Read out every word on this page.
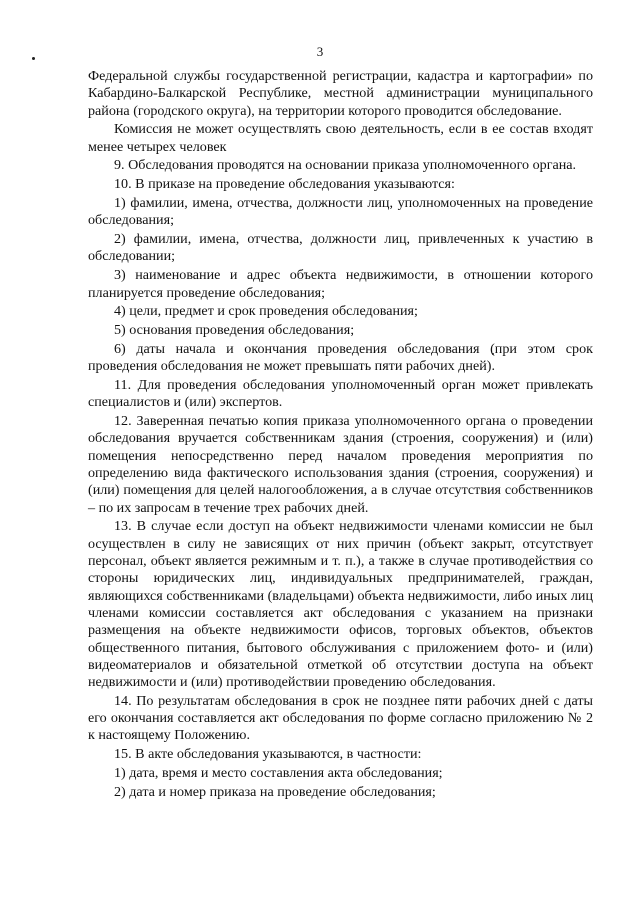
3

Федеральной службы государственной регистрации, кадастра и картографии» по Кабардино-Балкарской Республике, местной администрации муниципального района (городского округа), на территории которого проводится обследование.

Комиссия не может осуществлять свою деятельность, если в ее состав входят менее четырех человек

9. Обследования проводятся на основании приказа уполномоченного органа.

10. В приказе на проведение обследования указываются:

1) фамилии, имена, отчества, должности лиц, уполномоченных на проведение обследования;

2) фамилии, имена, отчества, должности лиц, привлеченных к участию в обследовании;

3) наименование и адрес объекта недвижимости, в отношении которого планируется проведение обследования;

4) цели, предмет и срок проведения обследования;

5) основания проведения обследования;

6) даты начала и окончания проведения обследования (при этом срок проведения обследования не может превышать пяти рабочих дней).

11. Для проведения обследования уполномоченный орган может привлекать специалистов и (или) экспертов.

12. Заверенная печатью копия приказа уполномоченного органа о проведении обследования вручается собственникам здания (строения, сооружения) и (или) помещения непосредственно перед началом проведения мероприятия по определению вида фактического использования здания (строения, сооружения) и (или) помещения для целей налогообложения, а в случае отсутствия собственников – по их запросам в течение трех рабочих дней.

13. В случае если доступ на объект недвижимости членами комиссии не был осуществлен в силу не зависящих от них причин (объект закрыт, отсутствует персонал, объект является режимным и т. п.), а также в случае противодействия со стороны юридических лиц, индивидуальных предпринимателей, граждан, являющихся собственниками (владельцами) объекта недвижимости, либо иных лиц членами комиссии составляется акт обследования с указанием на признаки размещения на объекте недвижимости офисов, торговых объектов, объектов общественного питания, бытового обслуживания с приложением фото- и (или) видеоматериалов и обязательной отметкой об отсутствии доступа на объект недвижимости и (или) противодействии проведению обследования.

14. По результатам обследования в срок не позднее пяти рабочих дней с даты его окончания составляется акт обследования по форме согласно приложению № 2 к настоящему Положению.

15. В акте обследования указываются, в частности:

1) дата, время и место составления акта обследования;

2) дата и номер приказа на проведение обследования;
